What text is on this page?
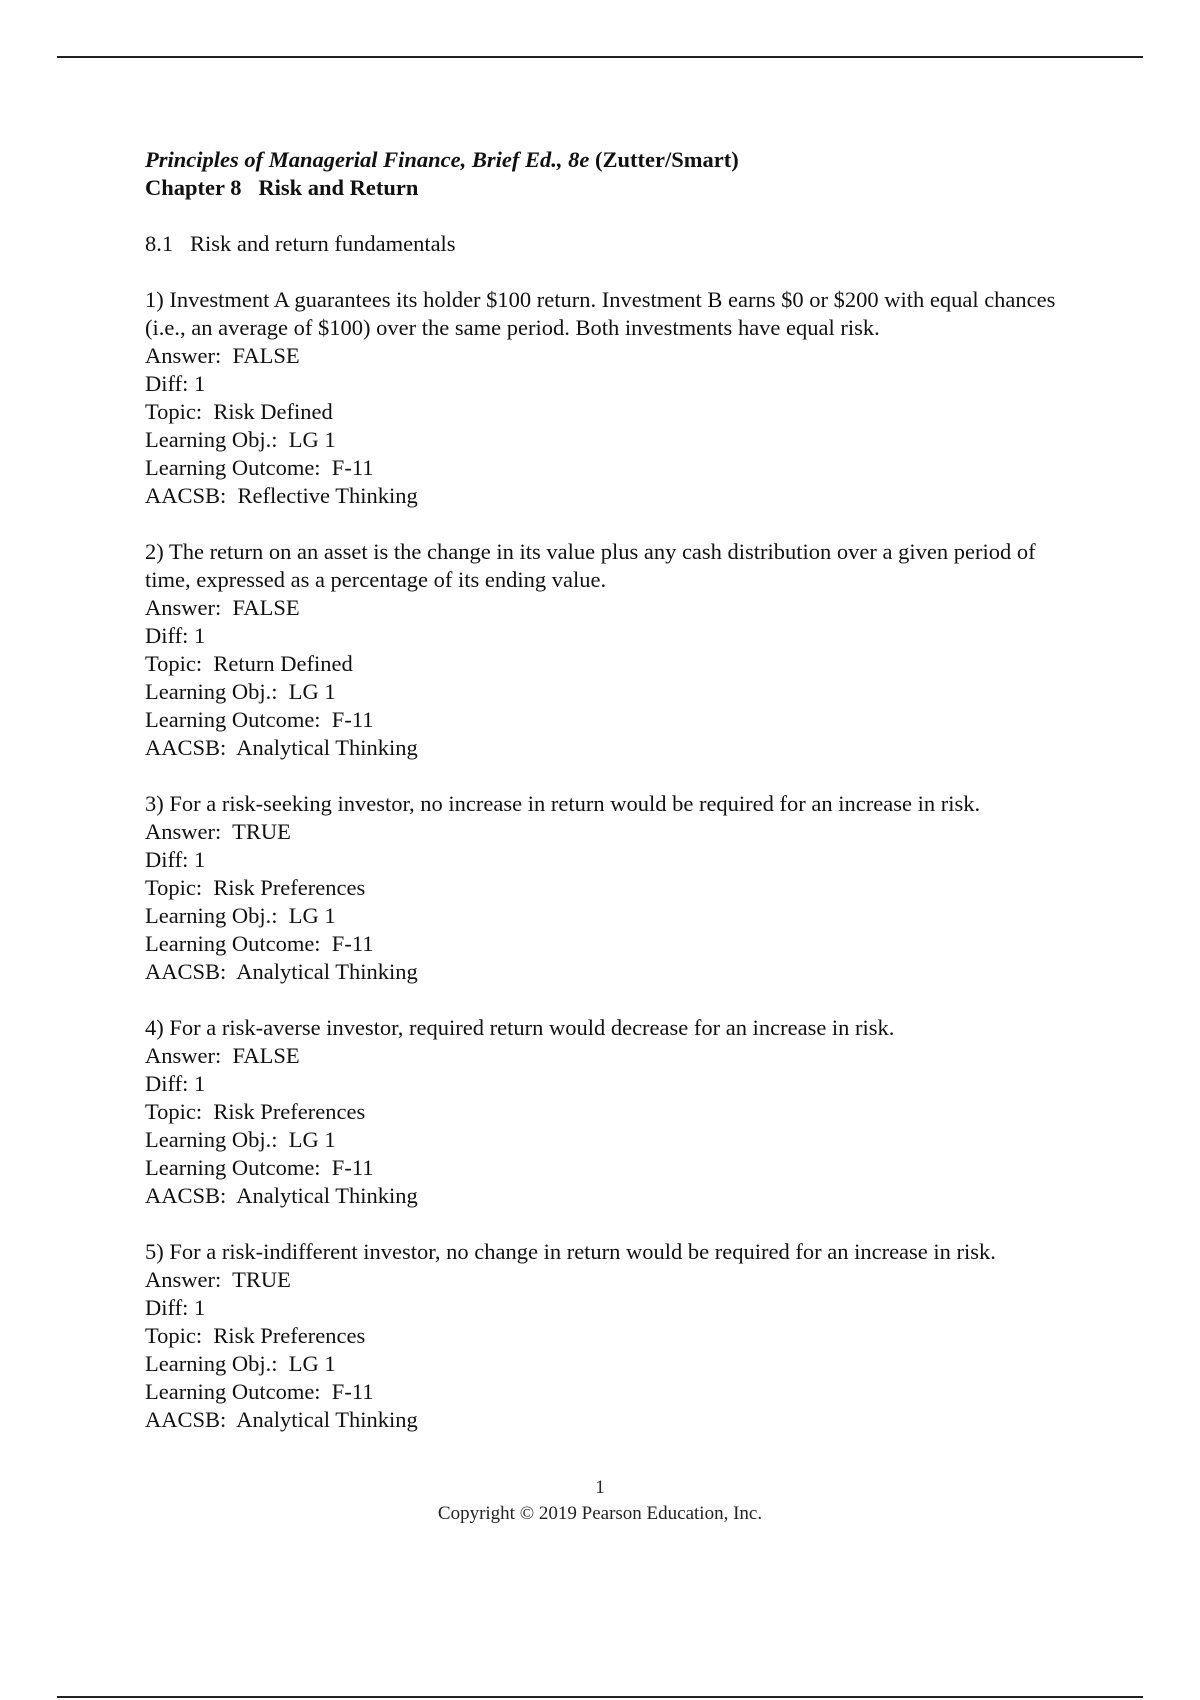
Principles of Managerial Finance, Brief Ed., 8e (Zutter/Smart)

Chapter 8   Risk and Return

8.1   Risk and return fundamentals

1) Investment A guarantees its holder $100 return. Investment B earns $0 or $200 with equal chances (i.e., an average of $100) over the same period. Both investments have equal risk.

Answer:  FALSE

Diff: 1

Topic:  Risk Defined

Learning Obj.:  LG 1

Learning Outcome:  F-11

AACSB:  Reflective Thinking

2) The return on an asset is the change in its value plus any cash distribution over a given period of time, expressed as a percentage of its ending value.

Answer:  FALSE

Diff: 1

Topic:  Return Defined

Learning Obj.:  LG 1

Learning Outcome:  F-11

AACSB:  Analytical Thinking

3) For a risk-seeking investor, no increase in return would be required for an increase in risk.

Answer:  TRUE

Diff: 1

Topic:  Risk Preferences

Learning Obj.:  LG 1

Learning Outcome:  F-11

AACSB:  Analytical Thinking

4) For a risk-averse investor, required return would decrease for an increase in risk.

Answer:  FALSE

Diff: 1

Topic:  Risk Preferences

Learning Obj.:  LG 1

Learning Outcome:  F-11

AACSB:  Analytical Thinking

5) For a risk-indifferent investor, no change in return would be required for an increase in risk.

Answer:  TRUE

Diff: 1

Topic:  Risk Preferences

Learning Obj.:  LG 1

Learning Outcome:  F-11

AACSB:  Analytical Thinking

1
Copyright © 2019 Pearson Education, Inc.
